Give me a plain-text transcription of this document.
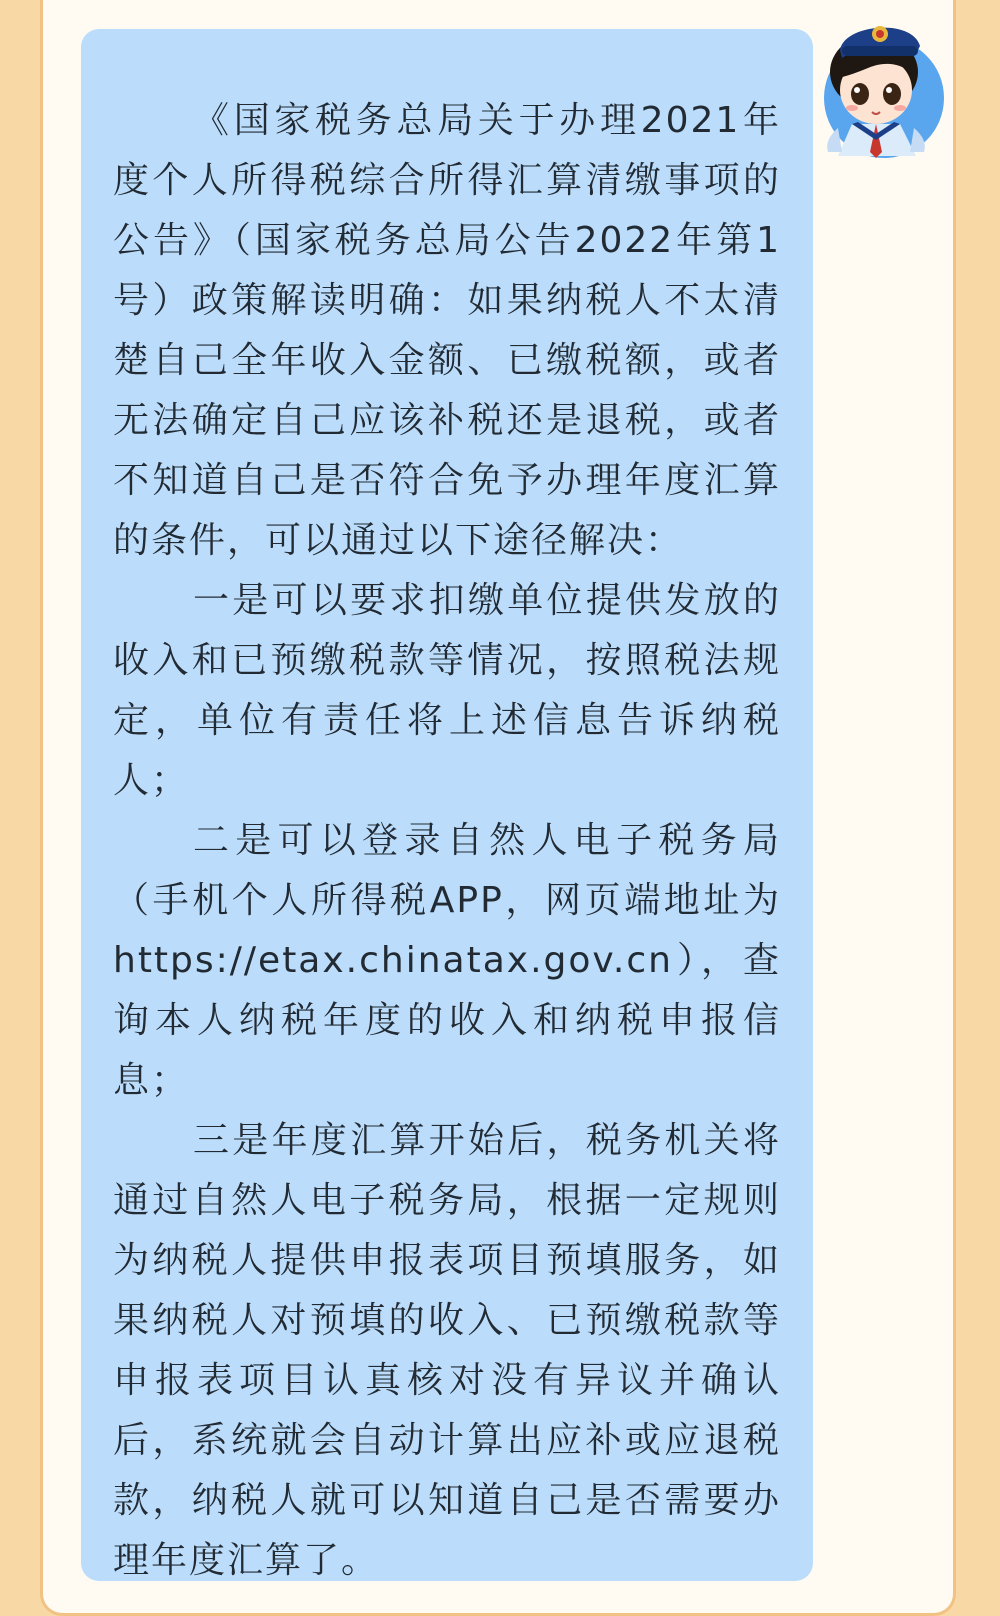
《国家税务总局关于办理2021年度个人所得税综合所得汇算清缴事项的公告》（国家税务总局公告2022年第1号）政策解读明确：如果纳税人不太清楚自己全年收入金额、已缴税额，或者无法确定自己应该补税还是退税，或者不知道自己是否符合免予办理年度汇算的条件，可以通过以下途径解决：

一是可以要求扣缴单位提供发放的收入和已预缴税款等情况，按照税法规定，单位有责任将上述信息告诉纳税人；

二是可以登录自然人电子税务局（手机个人所得税APP，网页端地址为https://etax.chinatax.gov.cn），查询本人纳税年度的收入和纳税申报信息；

三是年度汇算开始后，税务机关将通过自然人电子税务局，根据一定规则为纳税人提供申报表项目预填服务，如果纳税人对预填的收入、已预缴税款等申报表项目认真核对没有异议并确认后，系统就会自动计算出应补或应退税款，纳税人就可以知道自己是否需要办理年度汇算了。
